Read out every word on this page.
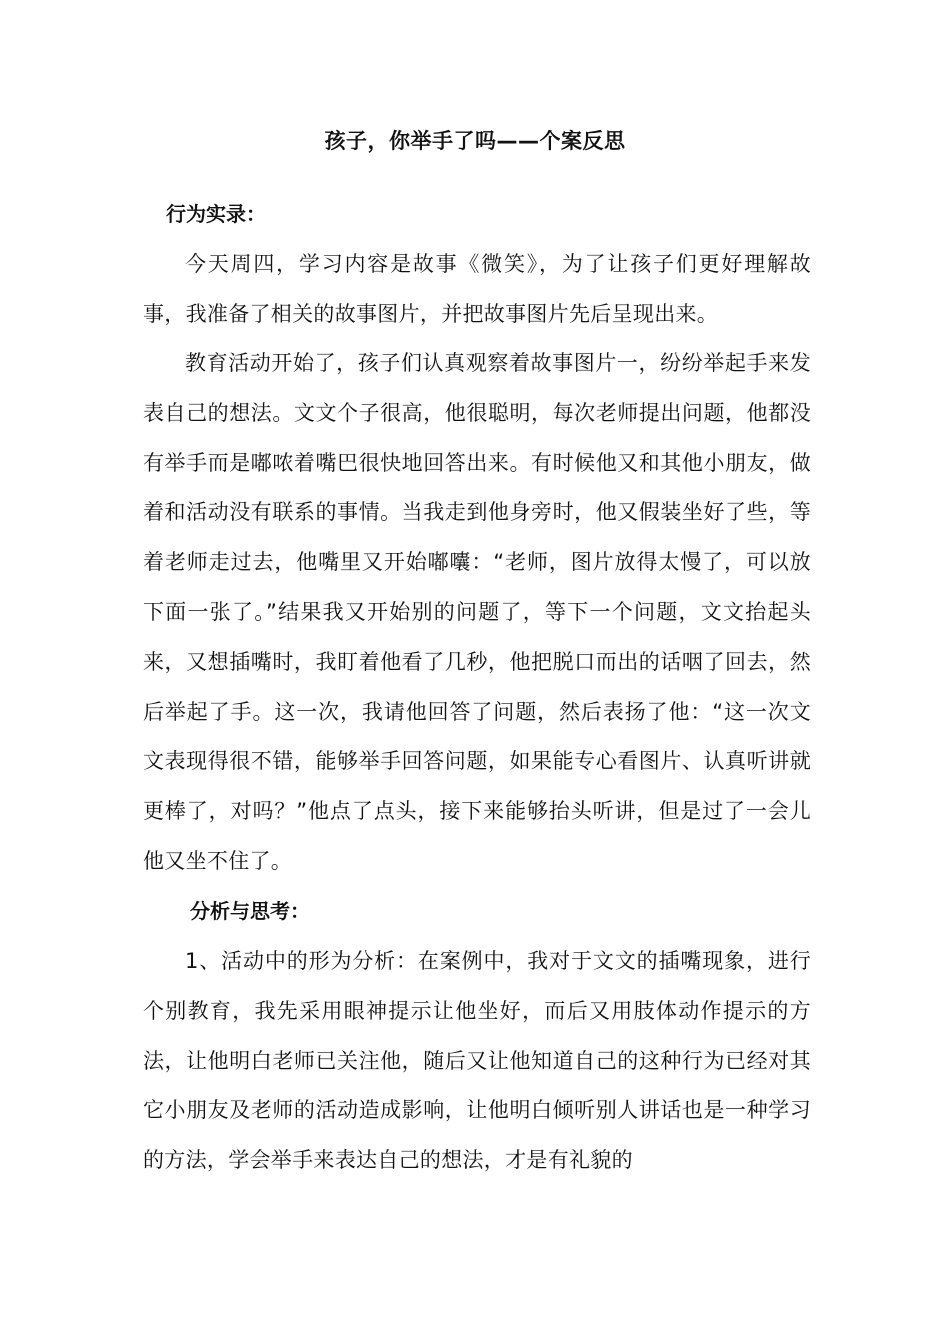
孩子，你举手了吗——个案反思
行为实录：

今天周四，学习内容是故事《微笑》，为了让孩子们更好理解故事，我准备了相关的故事图片，并把故事图片先后呈现出来。

教育活动开始了，孩子们认真观察着故事图片一，纷纷举起手来发表自己的想法。文文个子很高，他很聪明，每次老师提出问题，他都没有举手而是嘟哝着嘴巴很快地回答出来。有时候他又和其他小朋友，做着和活动没有联系的事情。当我走到他身旁时，他又假装坐好了些，等着老师走过去，他嘴里又开始嘟囔：“老师，图片放得太慢了，可以放下面一张了。”结果我又开始别的问题了，等下一个问题，文文抬起头来，又想插嘴时，我盯着他看了几秒，他把脱口而出的话咽了回去，然后举起了手。这一次，我请他回答了问题，然后表扬了他：“这一次文文表现得很不错，能够举手回答问题，如果能专心看图片、认真听讲就更棒了，对吗？”他点了点头，接下来能够抬头听讲，但是过了一会儿他又坐不住了。

分析与思考：

1、活动中的形为分析：在案例中，我对于文文的插嘴现象，进行个别教育，我先采用眼神提示让他坐好，而后又用肢体动作提示的方法，让他明白老师已关注他，随后又让他知道自己的这种行为已经对其它小朋友及老师的活动造成影响，让他明白倾听别人讲话也是一种学习的方法，学会举手来表达自己的想法，才是有礼貌的
